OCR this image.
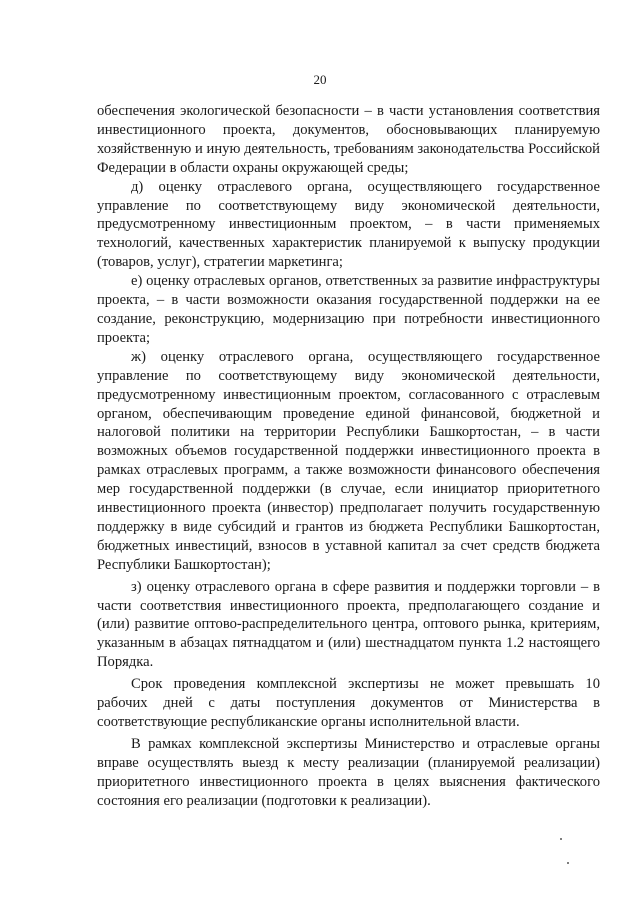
20

обеспечения экологической безопасности – в части установления соответствия инвестиционного проекта, документов, обосновывающих планируемую хозяйственную и иную деятельность, требованиям законодательства Российской Федерации в области охраны окружающей среды;

д) оценку отраслевого органа, осуществляющего государственное управление по соответствующему виду экономической деятельности, предусмотренному инвестиционным проектом, – в части применяемых технологий, качественных характеристик планируемой к выпуску продукции (товаров, услуг), стратегии маркетинга;

е) оценку отраслевых органов, ответственных за развитие инфраструктуры проекта, – в части возможности оказания государственной поддержки на ее создание, реконструкцию, модернизацию при потребности инвестиционного проекта;

ж) оценку отраслевого органа, осуществляющего государственное управление по соответствующему виду экономической деятельности, предусмотренному инвестиционным проектом, согласованного с отраслевым органом, обеспечивающим проведение единой финансовой, бюджетной и налоговой политики на территории Республики Башкортостан, – в части возможных объемов государственной поддержки инвестиционного проекта в рамках отраслевых программ, а также возможности финансового обеспечения мер государственной поддержки (в случае, если инициатор приоритетного инвестиционного проекта (инвестор) предполагает получить государственную поддержку в виде субсидий и грантов из бюджета Республики Башкортостан, бюджетных инвестиций, взносов в уставной капитал за счет средств бюджета Республики Башкортостан);

з) оценку отраслевого органа в сфере развития и поддержки торговли – в части соответствия инвестиционного проекта, предполагающего создание и (или) развитие оптово-распределительного центра, оптового рынка, критериям, указанным в абзацах пятнадцатом и (или) шестнадцатом пункта 1.2 настоящего Порядка.

Срок проведения комплексной экспертизы не может превышать 10 рабочих дней с даты поступления документов от Министерства в соответствующие республиканские органы исполнительной власти.

В рамках комплексной экспертизы Министерство и отраслевые органы вправе осуществлять выезд к месту реализации (планируемой реализации) приоритетного инвестиционного проекта в целях выяснения фактического состояния его реализации (подготовки к реализации).
